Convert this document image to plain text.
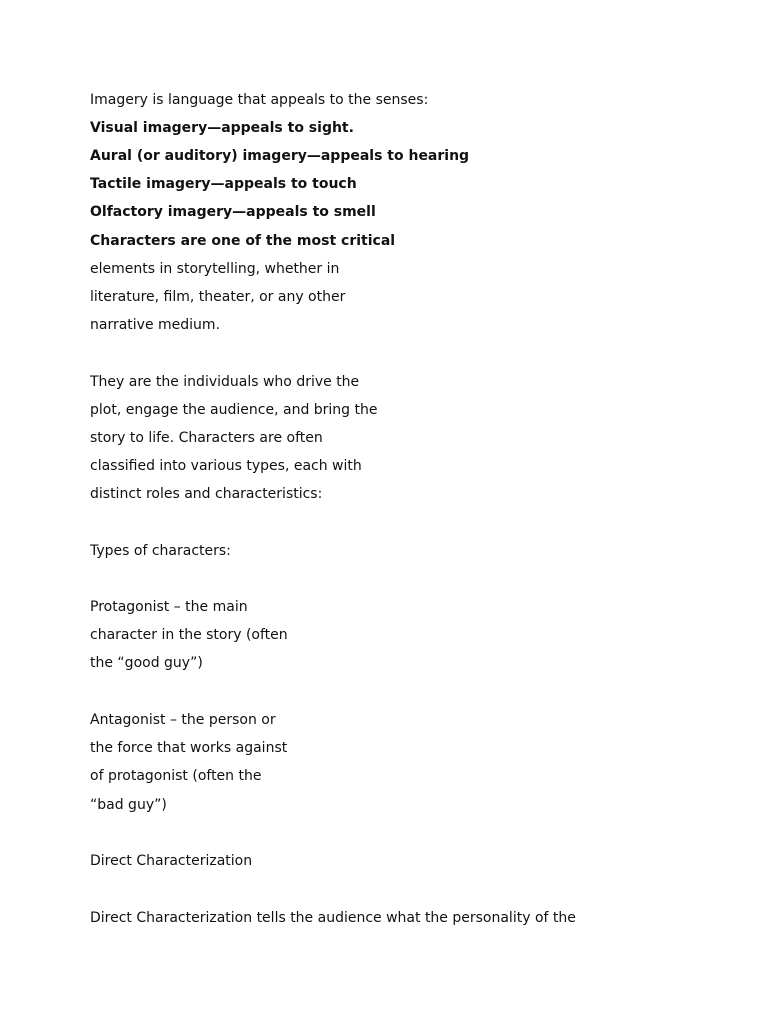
Imagery is language that appeals to the senses:
Visual imagery—appeals to sight.
Aural (or auditory) imagery—appeals to hearing
Tactile imagery—appeals to touch
Olfactory imagery—appeals to smell
Characters are one of the most critical
elements in storytelling, whether in
literature, film, theater, or any other
narrative medium.
They are the individuals who drive the
plot, engage the audience, and bring the
story to life. Characters are often
classified into various types, each with
distinct roles and characteristics:
Types of characters:
Protagonist – the main
character in the story (often
the “good guy”)
Antagonist – the person or
the force that works against
of protagonist (often the
“bad guy”)
Direct Characterization
Direct Characterization tells the audience what the personality of the
